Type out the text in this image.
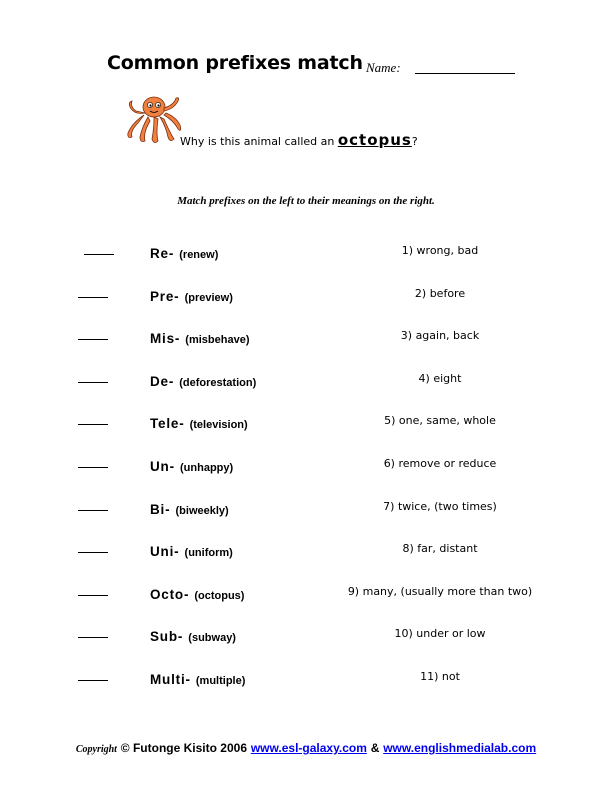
Common prefixes match Name:
Why is this animal called an octopus?
Match prefixes on the left to their meanings on the right.
Re- (renew)	1) wrong, bad
Pre- (preview)	2) before
Mis- (misbehave)	3) again, back
De- (deforestation)	4) eight
Tele- (television)	5) one, same, whole
Un- (unhappy)	6) remove or reduce
Bi- (biweekly)	7) twice, (two times)
Uni- (uniform)	8) far, distant
Octo- (octopus)	9) many, (usually more than two)
Sub- (subway)	10) under or low
Multi- (multiple)	11) not
Copyright © Futonge Kisito 2006 www.esl-galaxy.com & www.englishmedialab.com
